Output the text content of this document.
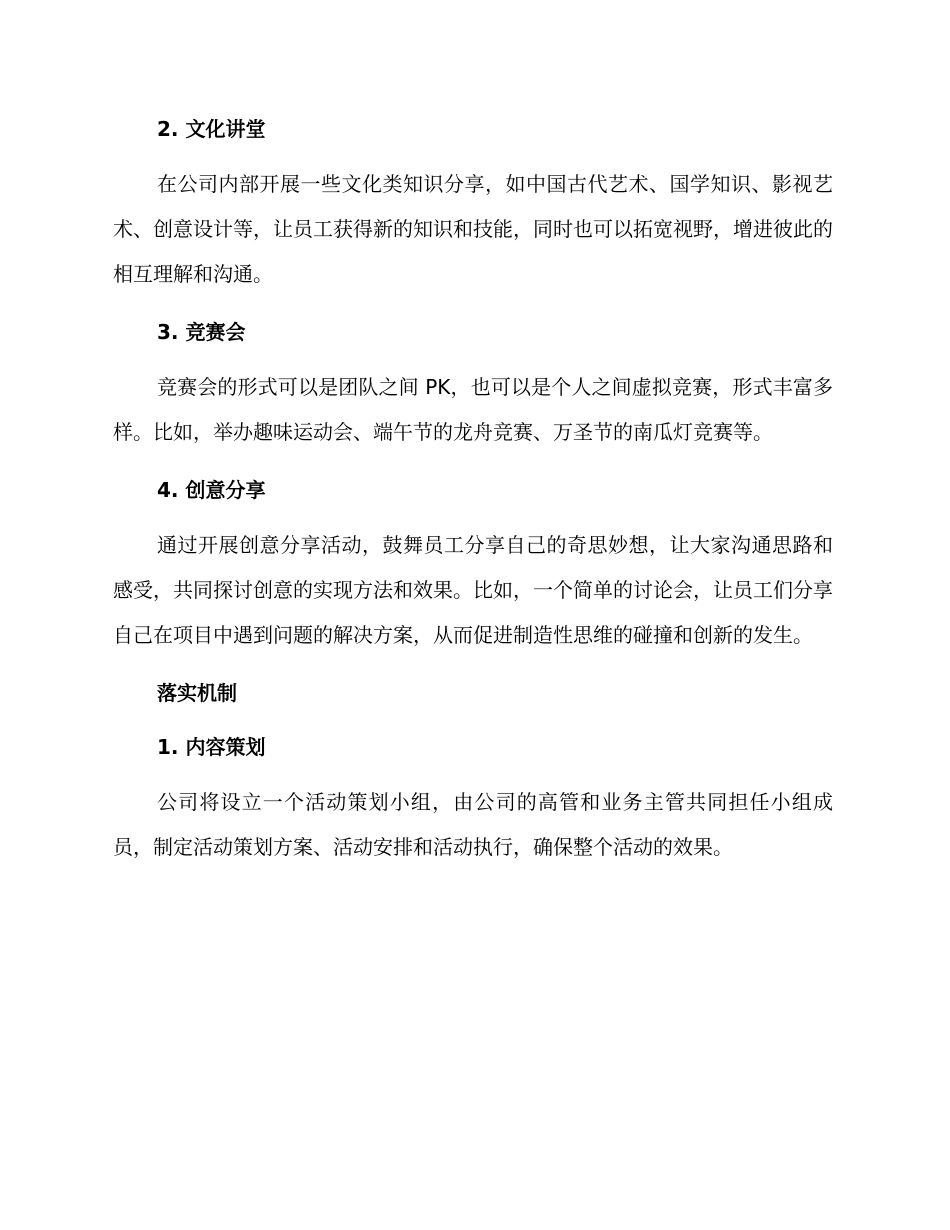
2. 文化讲堂

在公司内部开展一些文化类知识分享，如中国古代艺术、国学知识、影视艺术、创意设计等，让员工获得新的知识和技能，同时也可以拓宽视野，增进彼此的相互理解和沟通。

3. 竞赛会

竞赛会的形式可以是团队之间 PK，也可以是个人之间虚拟竞赛，形式丰富多样。比如，举办趣味运动会、端午节的龙舟竞赛、万圣节的南瓜灯竞赛等。

4. 创意分享

通过开展创意分享活动，鼓舞员工分享自己的奇思妙想，让大家沟通思路和感受，共同探讨创意的实现方法和效果。比如，一个简单的讨论会，让员工们分享自己在项目中遇到问题的解决方案，从而促进制造性思维的碰撞和创新的发生。

落实机制
1. 内容策划

公司将设立一个活动策划小组，由公司的高管和业务主管共同担任小组成员，制定活动策划方案、活动安排和活动执行，确保整个活动的效果。
